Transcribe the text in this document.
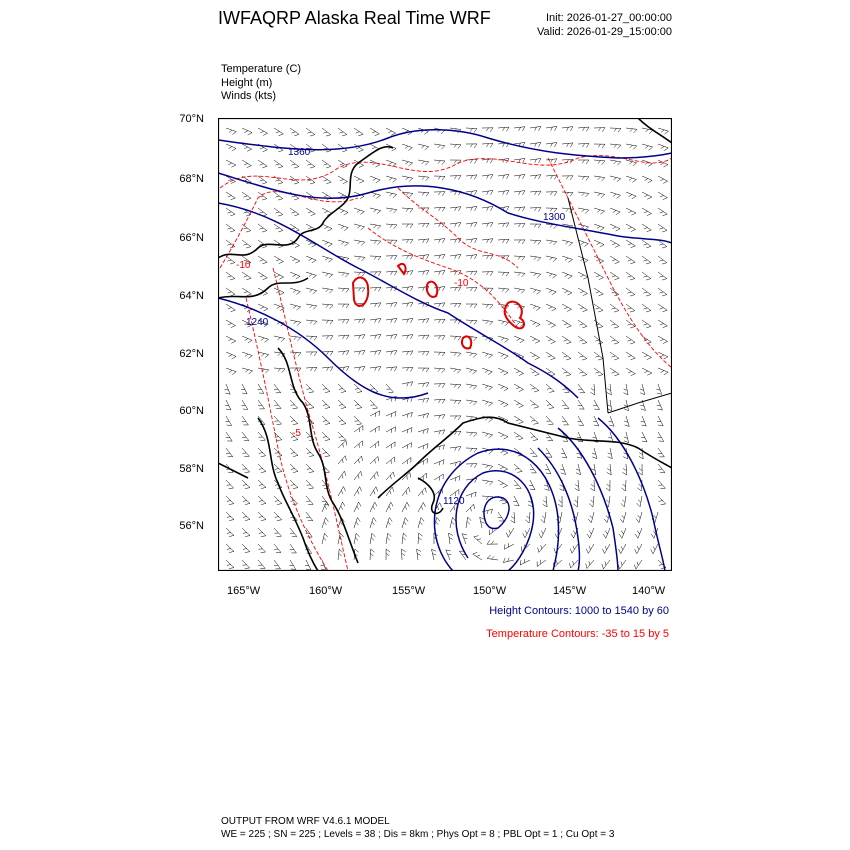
IWFAQRP Alaska Real Time WRF	Init: 2026-01-27_00:00:00
Valid: 2026-01-29_15:00:00
Temperature (C)
Height (m)
Winds (kts)
70°N
68°N
66°N
64°N
62°N
60°N
58°N
56°N
165°W	160°W	155°W	150°W	145°W	140°W
1360
1300
1240
1120
-10
-10
-5
Height Contours: 1000 to 1540 by 60
Temperature Contours: -35 to 15 by 5
OUTPUT FROM WRF V4.6.1 MODEL
WE = 225 ; SN = 225 ; Levels = 38 ; Dis = 8km ; Phys Opt = 8 ; PBL Opt = 1 ; Cu Opt = 3
